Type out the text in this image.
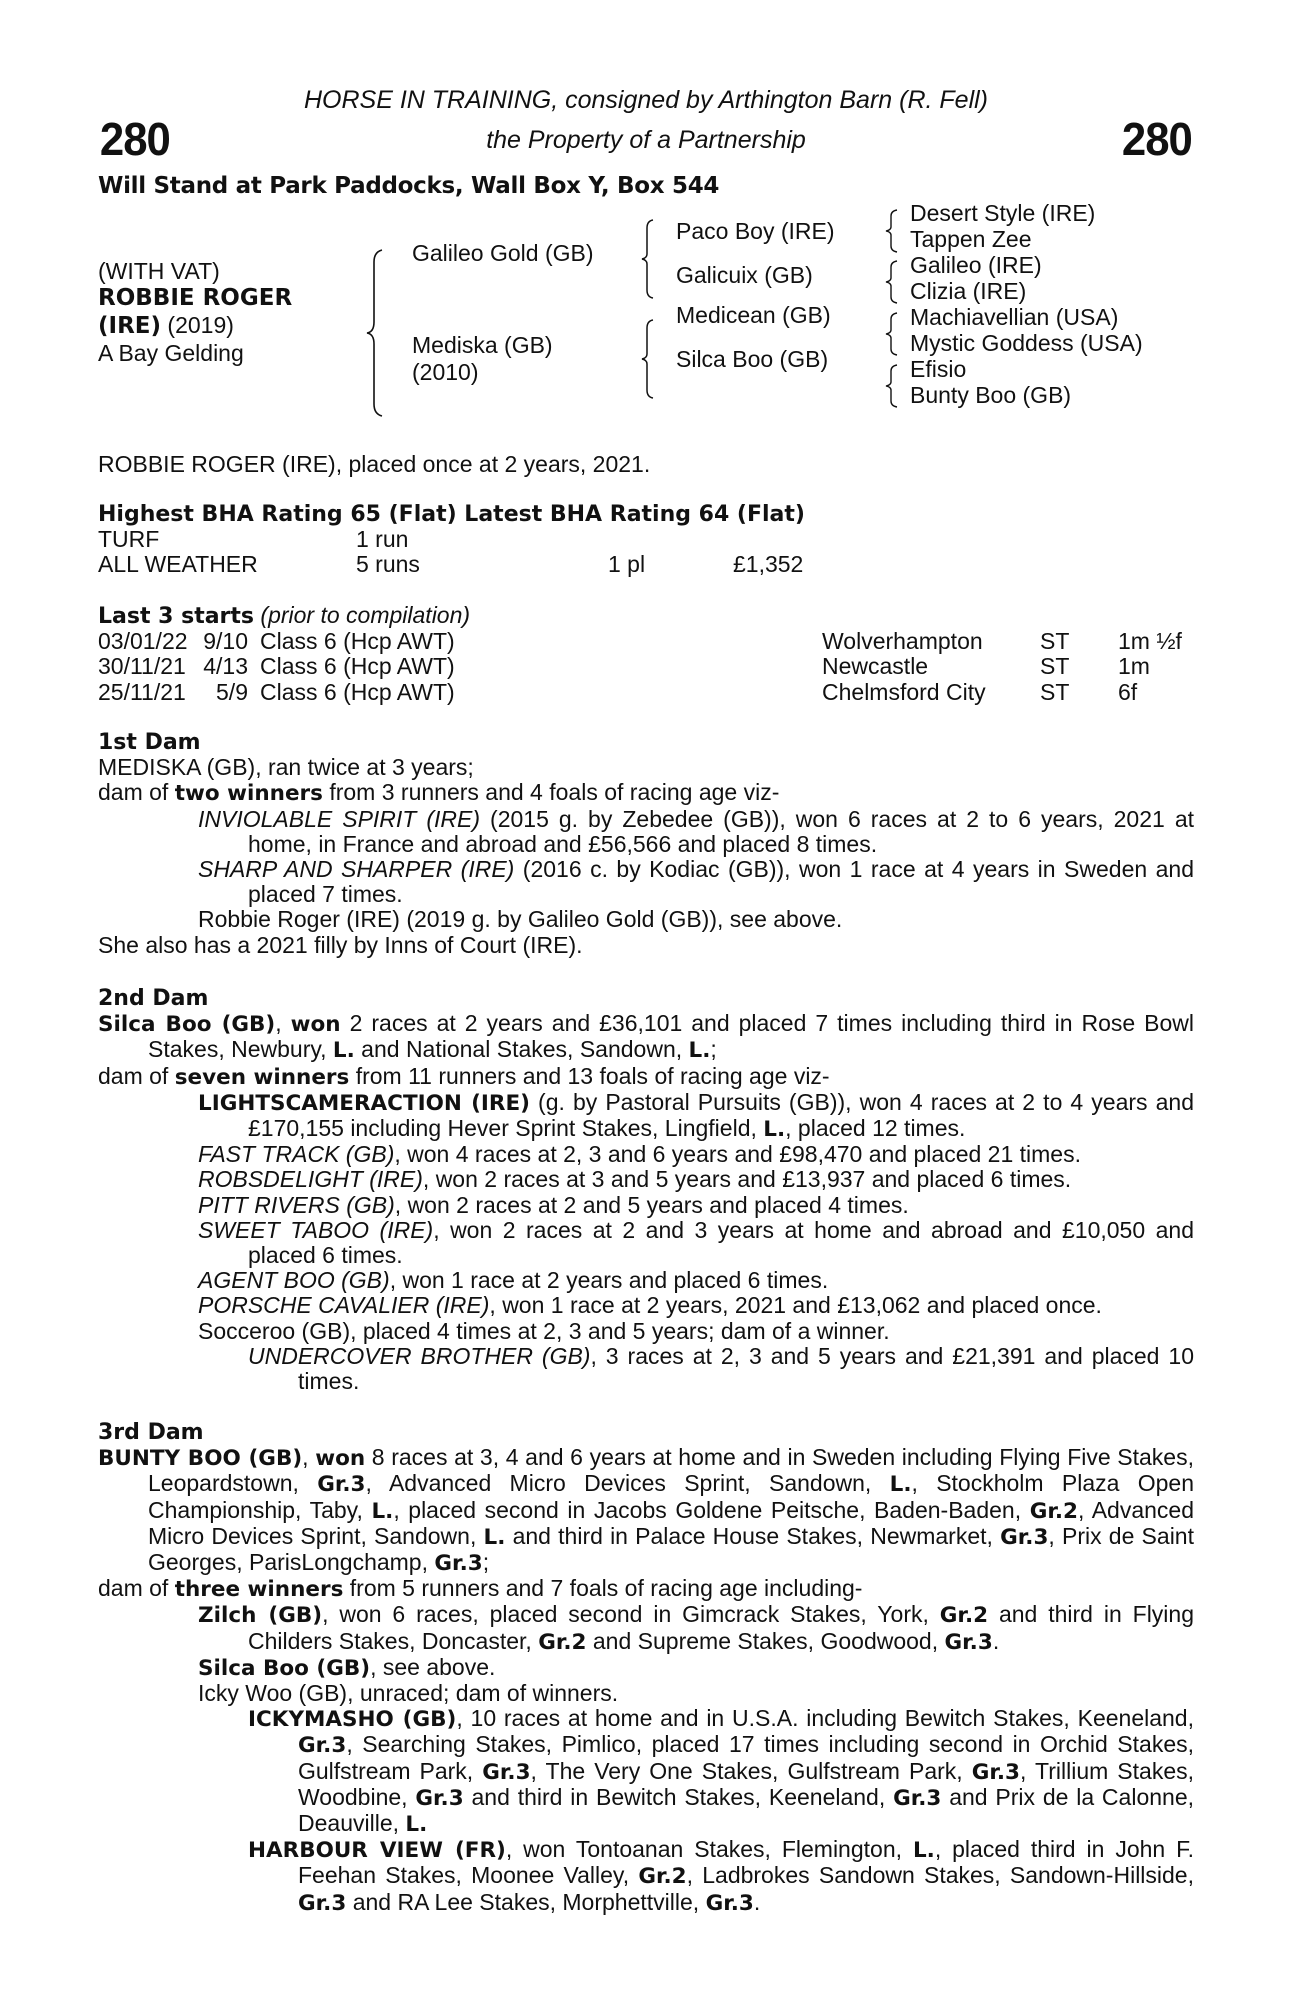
280	280
HORSE IN TRAINING, consigned by Arthington Barn (R. Fell)
the Property of a Partnership
Will Stand at Park Paddocks, Wall Box Y, Box 544
(WITH VAT)
ROBBIE ROGER
(IRE) (2019)
A Bay Gelding
Galileo Gold (GB)
Mediska (GB)
(2010)
Paco Boy (IRE)
Galicuix (GB)
Medicean (GB)
Silca Boo (GB)
Desert Style (IRE)
Tappen Zee
Galileo (IRE)
Clizia (IRE)
Machiavellian (USA)
Mystic Goddess (USA)
Efisio
Bunty Boo (GB)
ROBBIE ROGER (IRE), placed once at 2 years, 2021.
Highest BHA Rating 65 (Flat) Latest BHA Rating 64 (Flat)
TURF	1 run
ALL WEATHER	5 runs	1 pl	£1,352
Last 3 starts (prior to compilation)
03/01/22 9/10 Class 6 (Hcp AWT)	Wolverhampton	ST	1m ½f
30/11/21 4/13 Class 6 (Hcp AWT)	Newcastle	ST	1m
25/11/21	5/9 Class 6 (Hcp AWT)	Chelmsford City	ST	6f
1st Dam

MEDISKA (GB), ran twice at 3 years;

dam of two winners from 3 runners and 4 foals of racing age viz-

INVIOLABLE SPIRIT (IRE) (2015 g. by Zebedee (GB)), won 6 races at 2 to 6 years, 2021 at home, in France and abroad and £56,566 and placed 8 times.

SHARP AND SHARPER (IRE) (2016 c. by Kodiac (GB)), won 1 race at 4 years in Sweden and placed 7 times.

Robbie Roger (IRE) (2019 g. by Galileo Gold (GB)), see above.

She also has a 2021 filly by Inns of Court (IRE).

2nd Dam

Silca Boo (GB), won 2 races at 2 years and £36,101 and placed 7 times including third in Rose Bowl Stakes, Newbury, L. and National Stakes, Sandown, L.;

dam of seven winners from 11 runners and 13 foals of racing age viz-

LIGHTSCAMERACTION (IRE) (g. by Pastoral Pursuits (GB)), won 4 races at 2 to 4 years and £170,155 including Hever Sprint Stakes, Lingfield, L., placed 12 times.

FAST TRACK (GB), won 4 races at 2, 3 and 6 years and £98,470 and placed 21 times.

ROBSDELIGHT (IRE), won 2 races at 3 and 5 years and £13,937 and placed 6 times.

PITT RIVERS (GB), won 2 races at 2 and 5 years and placed 4 times.

SWEET TABOO (IRE), won 2 races at 2 and 3 years at home and abroad and £10,050 and placed 6 times.

AGENT BOO (GB), won 1 race at 2 years and placed 6 times.

PORSCHE CAVALIER (IRE), won 1 race at 2 years, 2021 and £13,062 and placed once.

Socceroo (GB), placed 4 times at 2, 3 and 5 years; dam of a winner.

UNDERCOVER BROTHER (GB), 3 races at 2, 3 and 5 years and £21,391 and placed 10 times.

3rd Dam

BUNTY BOO (GB), won 8 races at 3, 4 and 6 years at home and in Sweden including Flying Five Stakes, Leopardstown, Gr.3, Advanced Micro Devices Sprint, Sandown, L., Stockholm Plaza Open Championship, Taby, L., placed second in Jacobs Goldene Peitsche, Baden-Baden, Gr.2, Advanced Micro Devices Sprint, Sandown, L. and third in Palace House Stakes, Newmarket, Gr.3, Prix de Saint Georges, ParisLongchamp, Gr.3;

dam of three winners from 5 runners and 7 foals of racing age including-

Zilch (GB), won 6 races, placed second in Gimcrack Stakes, York, Gr.2 and third in Flying Childers Stakes, Doncaster, Gr.2 and Supreme Stakes, Goodwood, Gr.3.

Silca Boo (GB), see above.

Icky Woo (GB), unraced; dam of winners.

ICKYMASHO (GB), 10 races at home and in U.S.A. including Bewitch Stakes, Keeneland, Gr.3, Searching Stakes, Pimlico, placed 17 times including second in Orchid Stakes, Gulfstream Park, Gr.3, The Very One Stakes, Gulfstream Park, Gr.3, Trillium Stakes, Woodbine, Gr.3 and third in Bewitch Stakes, Keeneland, Gr.3 and Prix de la Calonne, Deauville, L.

HARBOUR VIEW (FR), won Tontoanan Stakes, Flemington, L., placed third in John F. Feehan Stakes, Moonee Valley, Gr.2, Ladbrokes Sandown Stakes, Sandown-Hillside, Gr.3 and RA Lee Stakes, Morphettville, Gr.3.
